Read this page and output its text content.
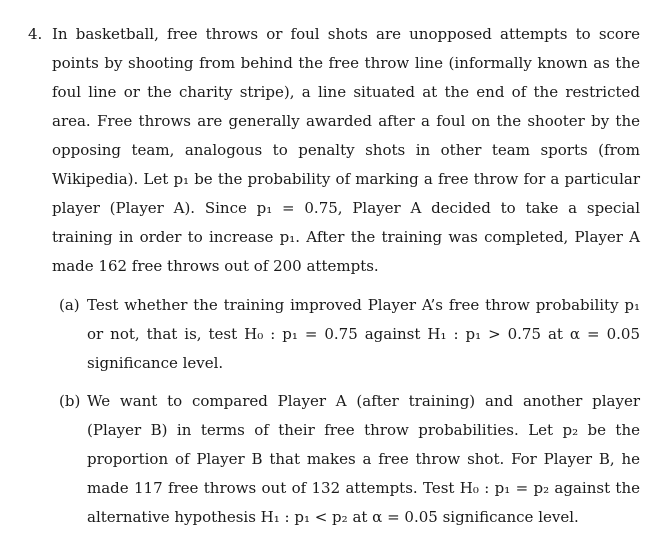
4. In basketball, free throws or foul shots are unopposed attempts to score points by shooting from behind the free throw line (informally known as the foul line or the charity stripe), a line situated at the end of the restricted area. Free throws are generally awarded after a foul on the shooter by the opposing team, analogous to penalty shots in other team sports (from Wikipedia). Let p₁ be the probability of marking a free throw for a particular player (Player A). Since p₁ = 0.75, Player A decided to take a special training in order to increase p₁. After the training was completed, Player A made 162 free throws out of 200 attempts.
(a) Test whether the training improved Player A’s free throw probability p₁ or not, that is, test H₀ : p₁ = 0.75 against H₁ : p₁ > 0.75 at α = 0.05 significance level.
(b) We want to compared Player A (after training) and another player (Player B) in terms of their free throw probabilities. Let p₂ be the proportion of Player B that makes a free throw shot. For Player B, he made 117 free throws out of 132 attempts. Test H₀ : p₁ = p₂ against the alternative hypothesis H₁ : p₁ < p₂ at α = 0.05 significance level.
